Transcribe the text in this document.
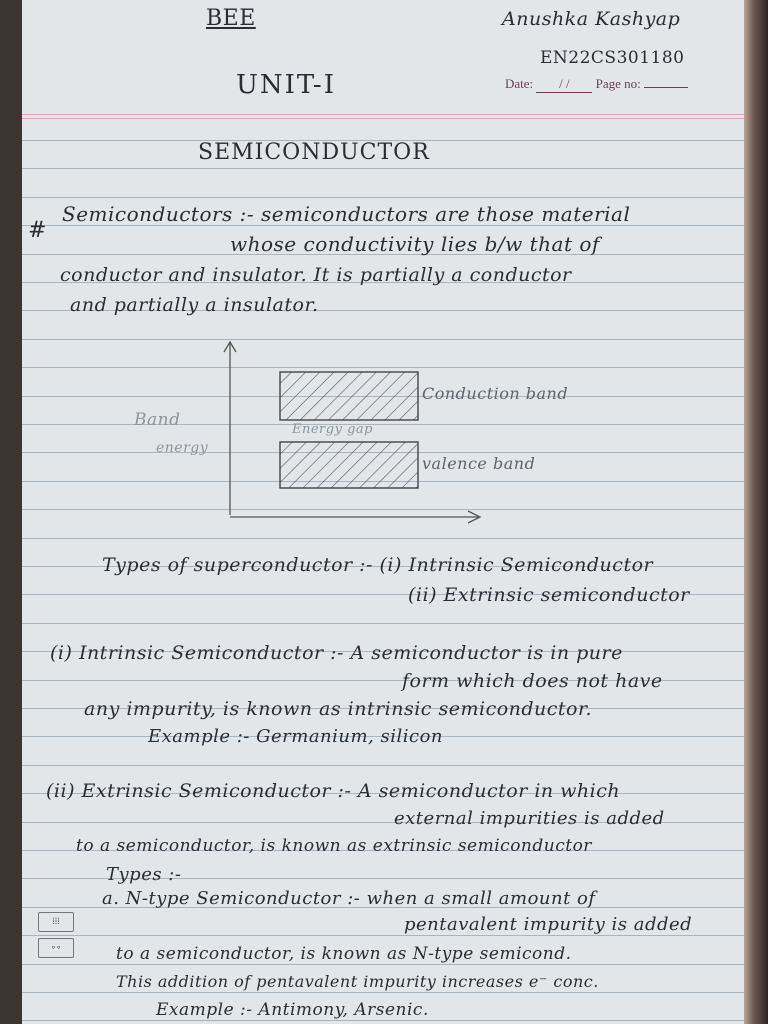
BEE	Anushka Kashyap
EN22CS301180
Date: / / Page no:
UNIT-I
SEMICONDUCTOR
#
Semiconductors :- semiconductors are those material
whose conductivity lies b/w that of
conductor and insulator. It is partially a conductor
and partially a insulator.
Band
energy
Conduction band
Energy gap
valence band
Types of superconductor :- (i) Intrinsic Semiconductor
(ii) Extrinsic semiconductor
(i) Intrinsic Semiconductor :- A semiconductor is in pure
form which does not have
any impurity, is known as intrinsic semiconductor.
Example :- Germanium, silicon
(ii) Extrinsic Semiconductor :- A semiconductor in which
external impurities is added
to a semiconductor, is known as extrinsic semiconductor
Types :-
a. N-type Semiconductor :- when a small amount of
pentavalent impurity is added
to a semiconductor, is known as N-type semicond.
This addition of pentavalent impurity increases e⁻ conc.
Example :- Antimony, Arsenic.
⁞⁞⁞
∘∘
